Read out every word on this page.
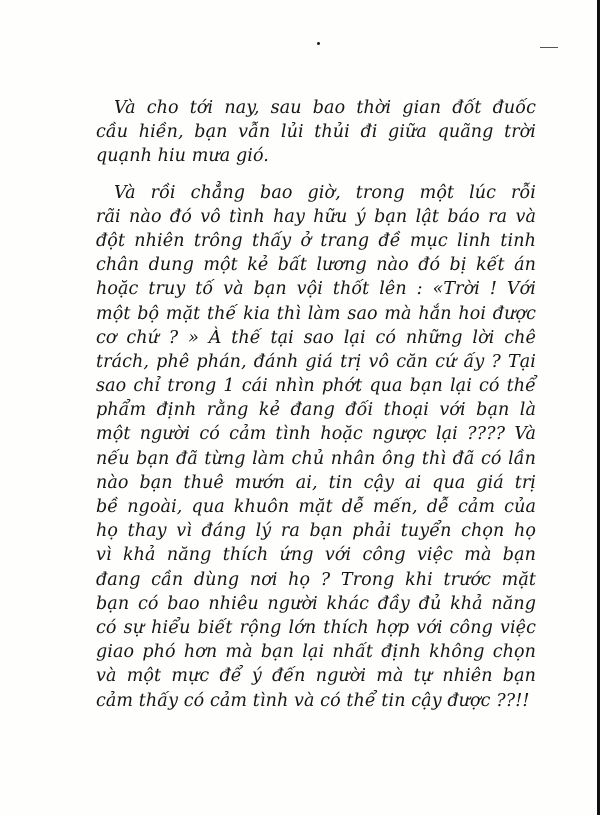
Và cho tới nay, sau bao thời gian đốt đuốc
cầu hiền, bạn vẫn lủi thủi đi giữa quãng trời
quạnh hiu mưa gió.
Và rồi chẳng bao giờ, trong một lúc rỗi
rãi nào đó vô tình hay hữu ý bạn lật báo ra và
đột nhiên trông thấy ở trang đề mục linh tinh
chân dung một kẻ bất lương nào đó bị kết án
hoặc truy tố và bạn vội thốt lên : «Trời ! Với
một bộ mặt thế kia thì làm sao mà hắn hoi được
cơ chứ ? » À thế tại sao lại có những lời chê
trách, phê phán, đánh giá trị vô căn cứ ấy ? Tại
sao chỉ trong 1 cái nhìn phớt qua bạn lại có thể
phẩm định rằng kẻ đang đối thoại với bạn là
một người có cảm tình hoặc ngược lại ???? Và
nếu bạn đã từng làm chủ nhân ông thì đã có lần
nào bạn thuê mướn ai, tin cậy ai qua giá trị
bề ngoài, qua khuôn mặt dễ mến, dễ cảm của
họ thay vì đáng lý ra bạn phải tuyển chọn họ
vì khả năng thích ứng với công việc mà bạn
đang cần dùng nơi họ ? Trong khi trước mặt
bạn có bao nhiêu người khác đầy đủ khả năng
có sự hiểu biết rộng lớn thích hợp với công việc
giao phó hơn mà bạn lại nhất định không chọn
và một mực để ý đến người mà tự nhiên bạn
cảm thấy có cảm tình và có thể tin cậy được ??!!
